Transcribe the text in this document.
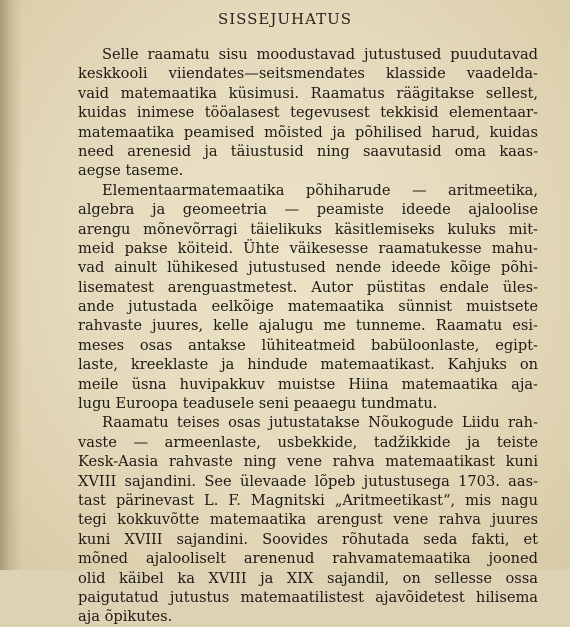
SISSEJUHATUS
Selle raamatu sisu moodustavad jutustused puudutavad
keskkooli viiendates—seitsmendates klasside vaadelda-
vaid matemaatika küsimusi. Raamatus räägitakse sellest,
kuidas inimese tööalasest tegevusest tekkisid elementaar-
matemaatika peamised mõisted ja põhilised harud, kuidas
need arenesid ja täiustusid ning saavutasid oma kaas-
aegse taseme.
Elementaarmatemaatika põhiharude — aritmeetika,
algebra ja geomeetria — peamiste ideede ajaloolise
arengu mõnevõrragi täielikuks käsitlemiseks kuluks mit-
meid pakse köiteid. Ühte väikesesse raamatukesse mahu-
vad ainult lühikesed jutustused nende ideede kõige põhi-
lisematest arenguastmetest. Autor püstitas endale üles-
ande jutustada eelkõige matemaatika sünnist muistsete
rahvaste juures, kelle ajalugu me tunneme. Raamatu esi-
meses osas antakse lühiteatmeid babüloonlaste, egipt-
laste, kreeklaste ja hindude matemaatikast. Kahjuks on
meile üsna huvipakkuv muistse Hiina matemaatika aja-
lugu Euroopa teadusele seni peaaegu tundmatu.
Raamatu teises osas jutustatakse Nõukogude Liidu rah-
vaste — armeenlaste, usbekkide, tadžikkide ja teiste
Kesk-Aasia rahvaste ning vene rahva matemaatikast kuni
XVIII sajandini. See ülevaade lõpeb jutustusega 1703. aas-
tast pärinevast L. F. Magnitski „Aritmeetikast“, mis nagu
tegi kokkuvõtte matemaatika arengust vene rahva juures
kuni XVIII sajandini. Soovides rõhutada seda fakti, et
mõned ajalooliselt arenenud rahvamatemaatika jooned
olid käibel ka XVIII ja XIX sajandil, on sellesse ossa
paigutatud jutustus matemaatilistest ajavõidetest hilisema
aja õpikutes.
